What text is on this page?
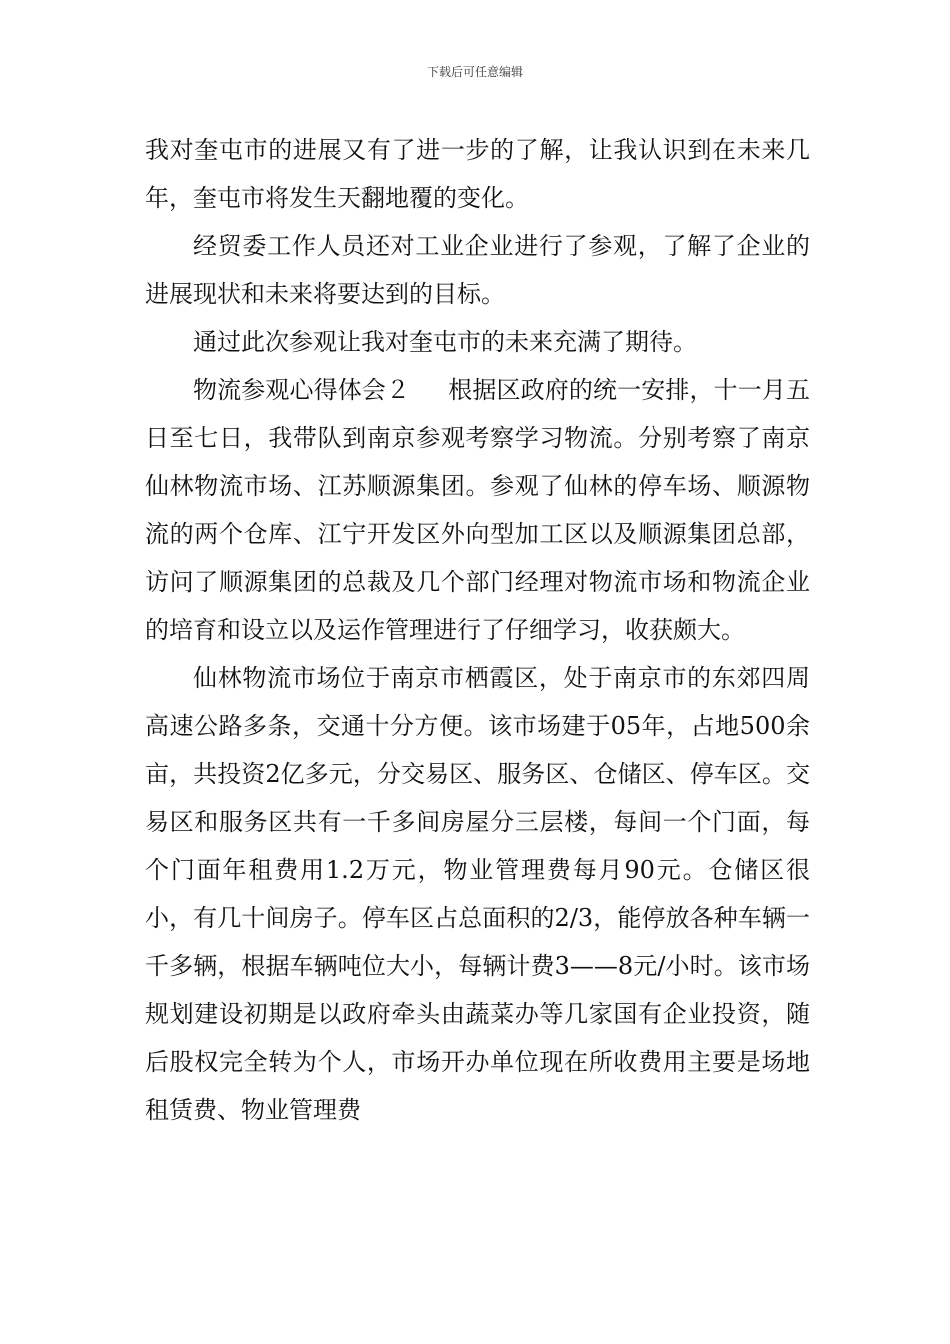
下载后可任意编辑

我对奎屯市的进展又有了进一步的了解，让我认识到在未来几年，奎屯市将发生天翻地覆的变化。

经贸委工作人员还对工业企业进行了参观，了解了企业的进展现状和未来将要达到的目标。

通过此次参观让我对奎屯市的未来充满了期待。

物流参观心得体会２ 根据区政府的统一安排，十一月五日至七日，我带队到南京参观考察学习物流。分别考察了南京仙林物流市场、江苏顺源集团。参观了仙林的停车场、顺源物流的两个仓库、江宁开发区外向型加工区以及顺源集团总部，访问了顺源集团的总裁及几个部门经理对物流市场和物流企业的培育和设立以及运作管理进行了仔细学习，收获颇大。

仙林物流市场位于南京市栖霞区，处于南京市的东郊四周高速公路多条，交通十分方便。该市场建于05年，占地500余亩，共投资2亿多元，分交易区、服务区、仓储区、停车区。交易区和服务区共有一千多间房屋分三层楼，每间一个门面，每个门面年租费用1.2万元，物业管理费每月90元。仓储区很小，有几十间房子。停车区占总面积的2/3，能停放各种车辆一千多辆，根据车辆吨位大小，每辆计费3——8元/小时。该市场规划建设初期是以政府牵头由蔬菜办等几家国有企业投资，随后股权完全转为个人，市场开办单位现在所收费用主要是场地租赁费、物业管理费
